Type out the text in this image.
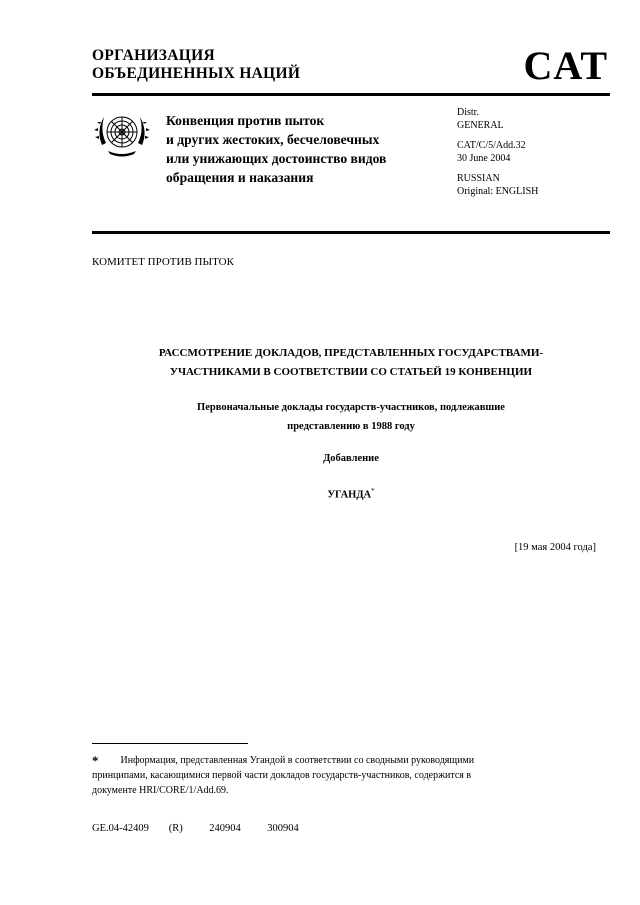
ОРГАНИЗАЦИЯ
ОБЪЕДИНЕННЫХ НАЦИЙ	CAT
Конвенция против пыток
и других жестоких, бесчеловечных
или унижающих достоинство видов
обращения и наказания
Distr.
GENERAL
CAT/C/5/Add.32
30 June 2004
RUSSIAN
Original: ENGLISH
КОМИТЕТ ПРОТИВ ПЫТОК
РАССМОТРЕНИЕ ДОКЛАДОВ, ПРЕДСТАВЛЕННЫХ ГОСУДАРСТВАМИ-
УЧАСТНИКАМИ В СООТВЕТСТВИИ СО СТАТЬЕЙ 19 КОНВЕНЦИИ
Первоначальные доклады государств-участников, подлежавшие
представлению в 1988 году
Добавление
УГАНДА*
[19 мая 2004 года]
* Информация, представленная Угандой в соответствии со сводными руководящими
принципами, касающимися первой части докладов государств-участников, содержится в
документе HRI/CORE/1/Add.69.
GE.04-42409   (R)    240904    300904
